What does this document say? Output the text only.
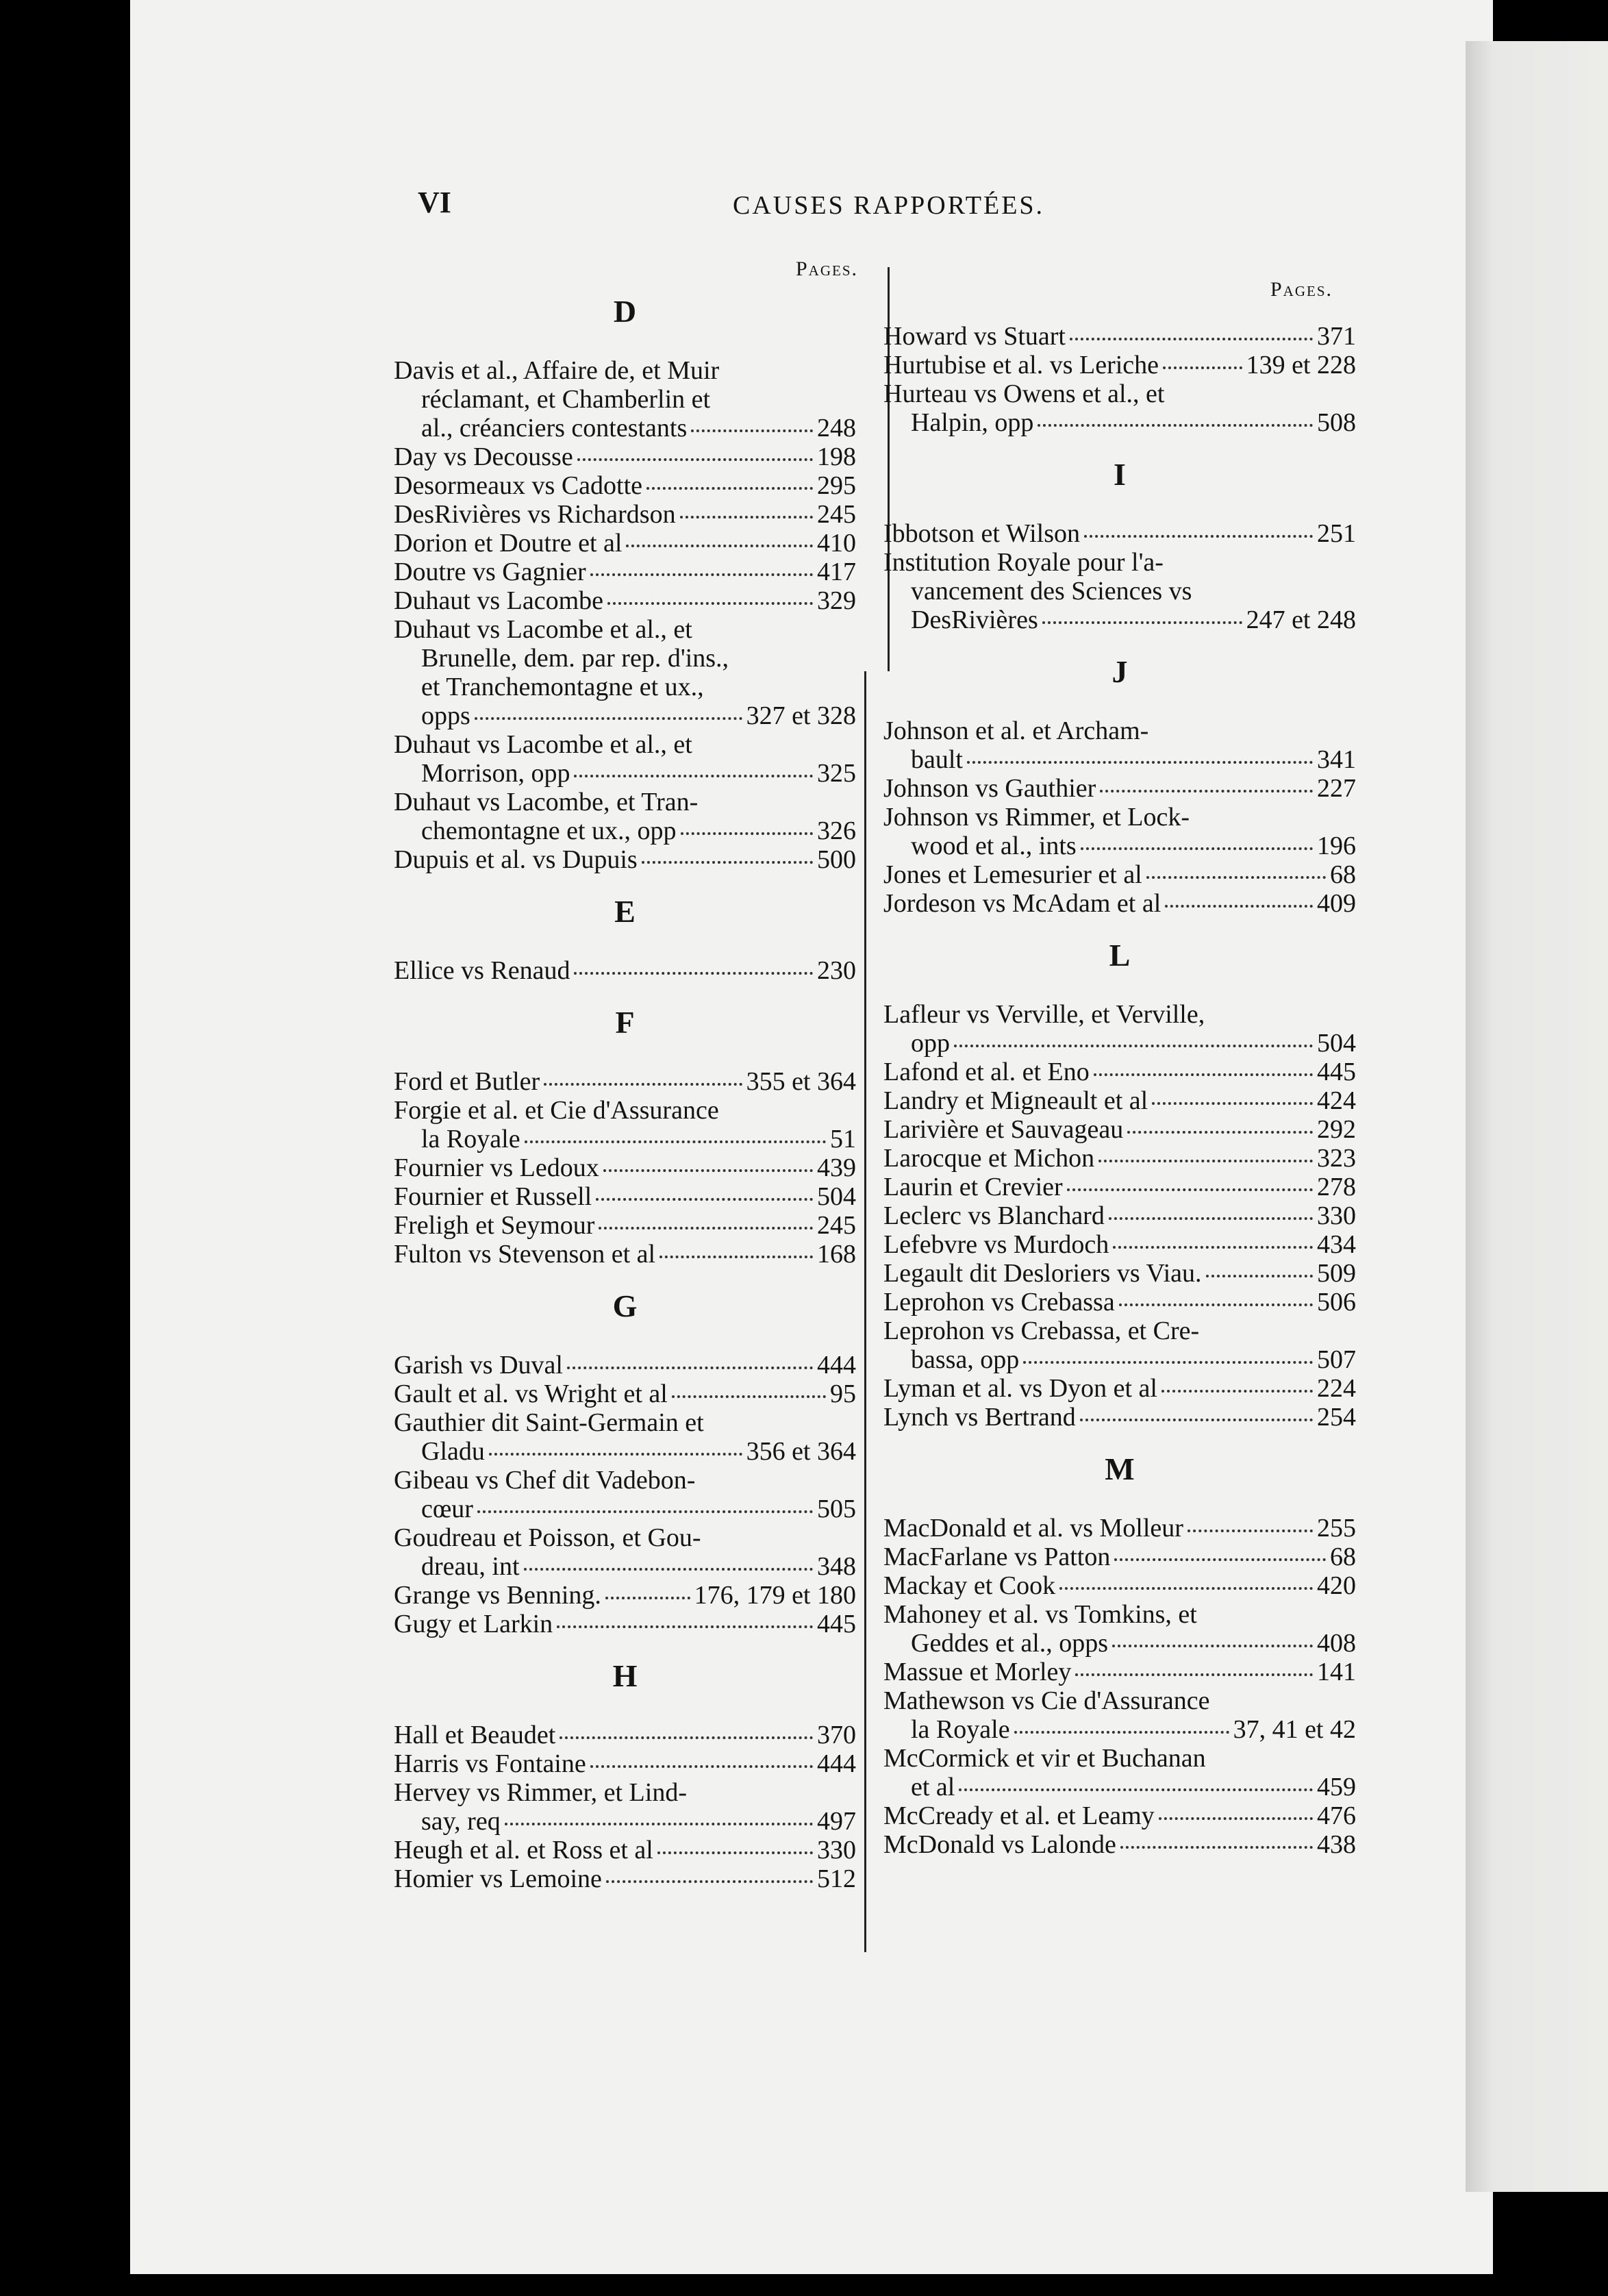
VI	CAUSES RAPPORTÉES.
Pages.
Pages.
D
Davis et al., Affaire de, et Muir
réclamant, et Chamberlin et
al., créanciers contestants	248
Day vs Decousse	198
Desormeaux vs Cadotte	295
DesRivières vs Richardson	245
Dorion et Doutre et al	410
Doutre vs Gagnier	417
Duhaut vs Lacombe	329
Duhaut vs Lacombe et al., et
Brunelle, dem. par rep. d'ins.,
et Tranchemontagne et ux.,
opps	327 et 328
Duhaut vs Lacombe et al., et
Morrison, opp	325
Duhaut vs Lacombe, et Tran-
chemontagne et ux., opp	326
Dupuis et al. vs Dupuis	500
E
Ellice vs Renaud	230
F
Ford et Butler	355 et 364
Forgie et al. et Cie d'Assurance
la Royale	51
Fournier vs Ledoux	439
Fournier et Russell	504
Freligh et Seymour	245
Fulton vs Stevenson et al	168
G
Garish vs Duval	444
Gault et al. vs Wright et al	95
Gauthier dit Saint-Germain et
Gladu	356 et 364
Gibeau vs Chef dit Vadebon-
cœur	505
Goudreau et Poisson, et Gou-
dreau, int	348
Grange vs Benning.	176, 179 et 180
Gugy et Larkin	445
H
Hall et Beaudet	370
Harris vs Fontaine	444
Hervey vs Rimmer, et Lind-
say, req	497
Heugh et al. et Ross et al	330
Homier vs Lemoine	512
Howard vs Stuart	371
Hurtubise et al. vs Leriche	139 et 228
Hurteau vs Owens et al., et
Halpin, opp	508
I
Ibbotson et Wilson	251
Institution Royale pour l'a-
vancement des Sciences vs
DesRivières	247 et 248
J
Johnson et al. et Archam-
bault	341
Johnson vs Gauthier	227
Johnson vs Rimmer, et Lock-
wood et al., ints	196
Jones et Lemesurier et al	68
Jordeson vs McAdam et al	409
L
Lafleur vs Verville, et Verville,
opp	504
Lafond et al. et Eno	445
Landry et Migneault et al	424
Larivière et Sauvageau	292
Larocque et Michon	323
Laurin et Crevier	278
Leclerc vs Blanchard	330
Lefebvre vs Murdoch	434
Legault dit Desloriers vs Viau.	509
Leprohon vs Crebassa	506
Leprohon vs Crebassa, et Cre-
bassa, opp	507
Lyman et al. vs Dyon et al	224
Lynch vs Bertrand	254
M
MacDonald et al. vs Molleur	255
MacFarlane vs Patton	68
Mackay et Cook	420
Mahoney et al. vs Tomkins, et
Geddes et al., opps	408
Massue et Morley	141
Mathewson vs Cie d'Assurance
la Royale	37, 41 et 42
McCormick et vir et Buchanan
et al	459
McCready et al. et Leamy	476
McDonald vs Lalonde	438
